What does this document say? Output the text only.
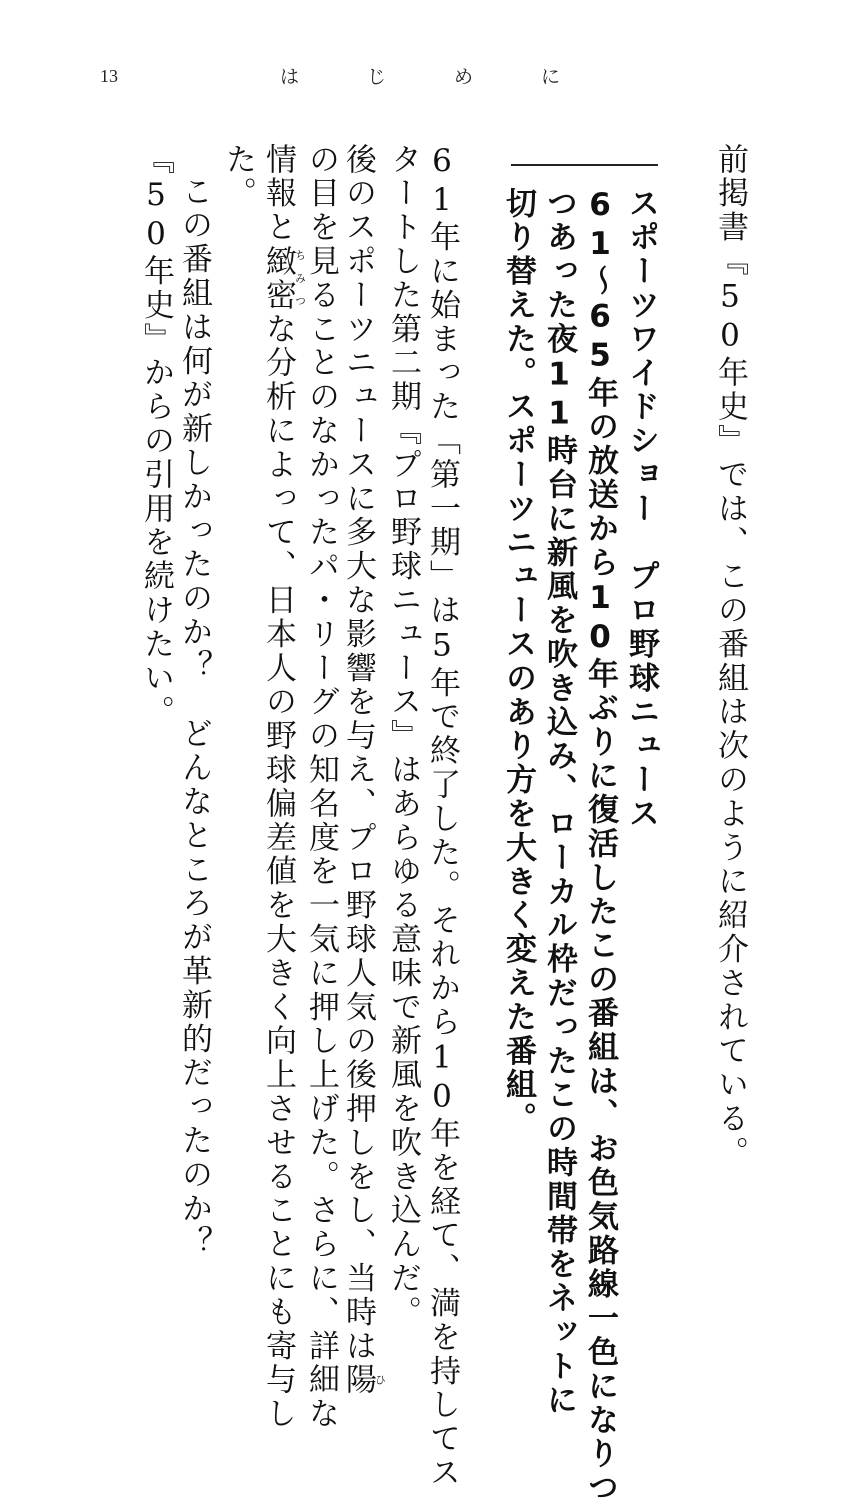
13	は	じ	め	に
前掲書『50年史』では、この番組は次のように紹介されている。
スポーツワイドショー　プロ野球ニュース
61～65年の放送から10年ぶりに復活したこの番組は、お色気路線一色になりつ
つあった夜11時台に新風を吹き込み、ローカル枠だったこの時間帯をネットに
切り替えた。スポーツニュースのあり方を大きく変えた番組。
61年に始まった「第一期」は5年で終了した。それから10年を経て、満を持してス
タートした第二期『プロ野球ニュース』はあらゆる意味で新風を吹き込んだ。
後のスポーツニュースに多大な影響を与え、プロ野球人気の後押しをし、当時は陽ひ
の目を見ることのなかったパ・リーグの知名度を一気に押し上げた。さらに、詳細な
情報と緻密ちみつな分析によって、日本人の野球偏差値を大きく向上させることにも寄与し
た。
この番組は何が新しかったのか？　どんなところが革新的だったのか？
『50年史』からの引用を続けたい。
